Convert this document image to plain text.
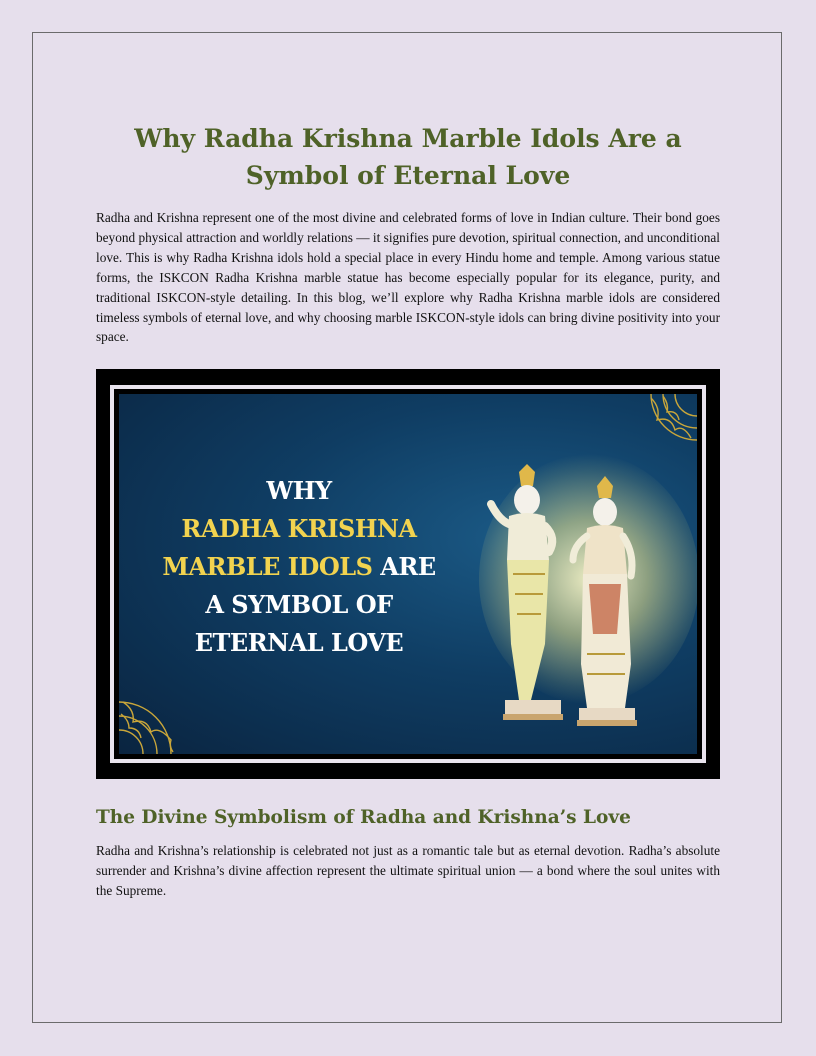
Why Radha Krishna Marble Idols Are a Symbol of Eternal Love

Radha and Krishna represent one of the most divine and celebrated forms of love in Indian culture. Their bond goes beyond physical attraction and worldly relations — it signifies pure devotion, spiritual connection, and unconditional love. This is why Radha Krishna idols hold a special place in every Hindu home and temple. Among various statue forms, the ISKCON Radha Krishna marble statue has become especially popular for its elegance, purity, and traditional ISKCON-style detailing. In this blog, we’ll explore why Radha Krishna marble idols are considered timeless symbols of eternal love, and why choosing marble ISKCON-style idols can bring divine positivity into your space.

WHY
RADHA KRISHNA
MARBLE IDOLS ARE
A SYMBOL OF
ETERNAL LOVE
The Divine Symbolism of Radha and Krishna’s Love

Radha and Krishna’s relationship is celebrated not just as a romantic tale but as eternal devotion. Radha’s absolute surrender and Krishna’s divine affection represent the ultimate spiritual union — a bond where the soul unites with the Supreme.
